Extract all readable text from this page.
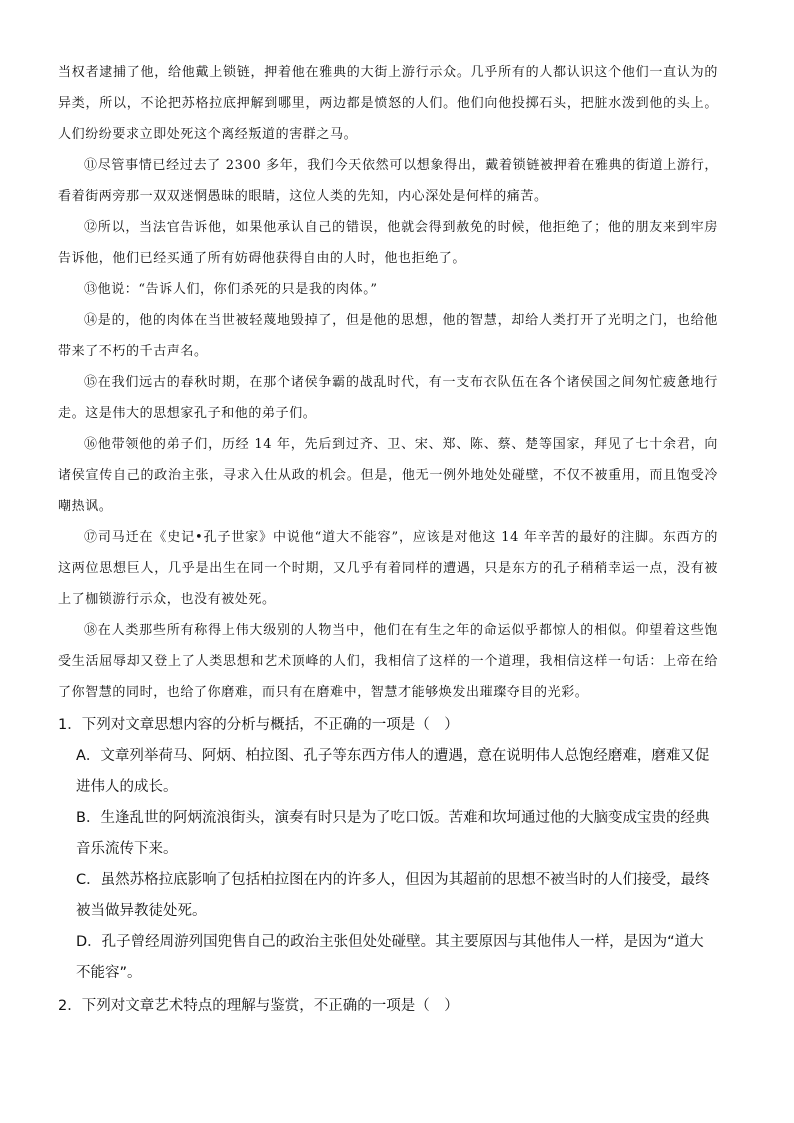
当权者逮捕了他，给他戴上锁链，押着他在雅典的大街上游行示众。几乎所有的人都认识这个他们一直认为的异类，所以，不论把苏格拉底押解到哪里，两边都是愤怒的人们。他们向他投掷石头，把脏水泼到他的头上。人们纷纷要求立即处死这个离经叛道的害群之马。

⑪尽管事情已经过去了 2300 多年，我们今天依然可以想象得出，戴着锁链被押着在雅典的街道上游行，看着街两旁那一双双迷惘愚昧的眼睛，这位人类的先知，内心深处是何样的痛苦。

⑫所以，当法官告诉他，如果他承认自己的错误，他就会得到赦免的时候，他拒绝了；他的朋友来到牢房告诉他，他们已经买通了所有妨碍他获得自由的人时，他也拒绝了。

⑬他说：“告诉人们，你们杀死的只是我的肉体。”

⑭是的，他的肉体在当世被轻蔑地毁掉了，但是他的思想，他的智慧，却给人类打开了光明之门，也给他带来了不朽的千古声名。

⑮在我们远古的春秋时期，在那个诸侯争霸的战乱时代，有一支布衣队伍在各个诸侯国之间匆忙疲惫地行走。这是伟大的思想家孔子和他的弟子们。

⑯他带领他的弟子们，历经 14 年，先后到过齐、卫、宋、郑、陈、蔡、楚等国家，拜见了七十余君，向诸侯宣传自己的政治主张，寻求入仕从政的机会。但是，他无一例外地处处碰壁，不仅不被重用，而且饱受冷嘲热讽。

⑰司马迁在《史记•孔子世家》中说他“道大不能容”，应该是对他这 14 年辛苦的最好的注脚。东西方的这两位思想巨人，几乎是出生在同一个时期，又几乎有着同样的遭遇，只是东方的孔子稍稍幸运一点，没有被上了枷锁游行示众，也没有被处死。

⑱在人类那些所有称得上伟大级别的人物当中，他们在有生之年的命运似乎都惊人的相似。仰望着这些饱受生活屈辱却又登上了人类思想和艺术顶峰的人们，我相信了这样的一个道理，我相信这样一句话：上帝在给了你智慧的同时，也给了你磨难，而只有在磨难中，智慧才能够焕发出璀璨夺目的光彩。

1．下列对文章思想内容的分析与概括，不正确的一项是（　）

A．文章列举荷马、阿炳、柏拉图、孔子等东西方伟人的遭遇，意在说明伟人总饱经磨难，磨难又促进伟人的成长。

B．生逢乱世的阿炳流浪街头，演奏有时只是为了吃口饭。苦难和坎坷通过他的大脑变成宝贵的经典音乐流传下来。

C．虽然苏格拉底影响了包括柏拉图在内的许多人，但因为其超前的思想不被当时的人们接受，最终被当做异教徒处死。

D．孔子曾经周游列国兜售自己的政治主张但处处碰壁。其主要原因与其他伟人一样，是因为“道大不能容”。

2．下列对文章艺术特点的理解与鉴赏，不正确的一项是（　）
